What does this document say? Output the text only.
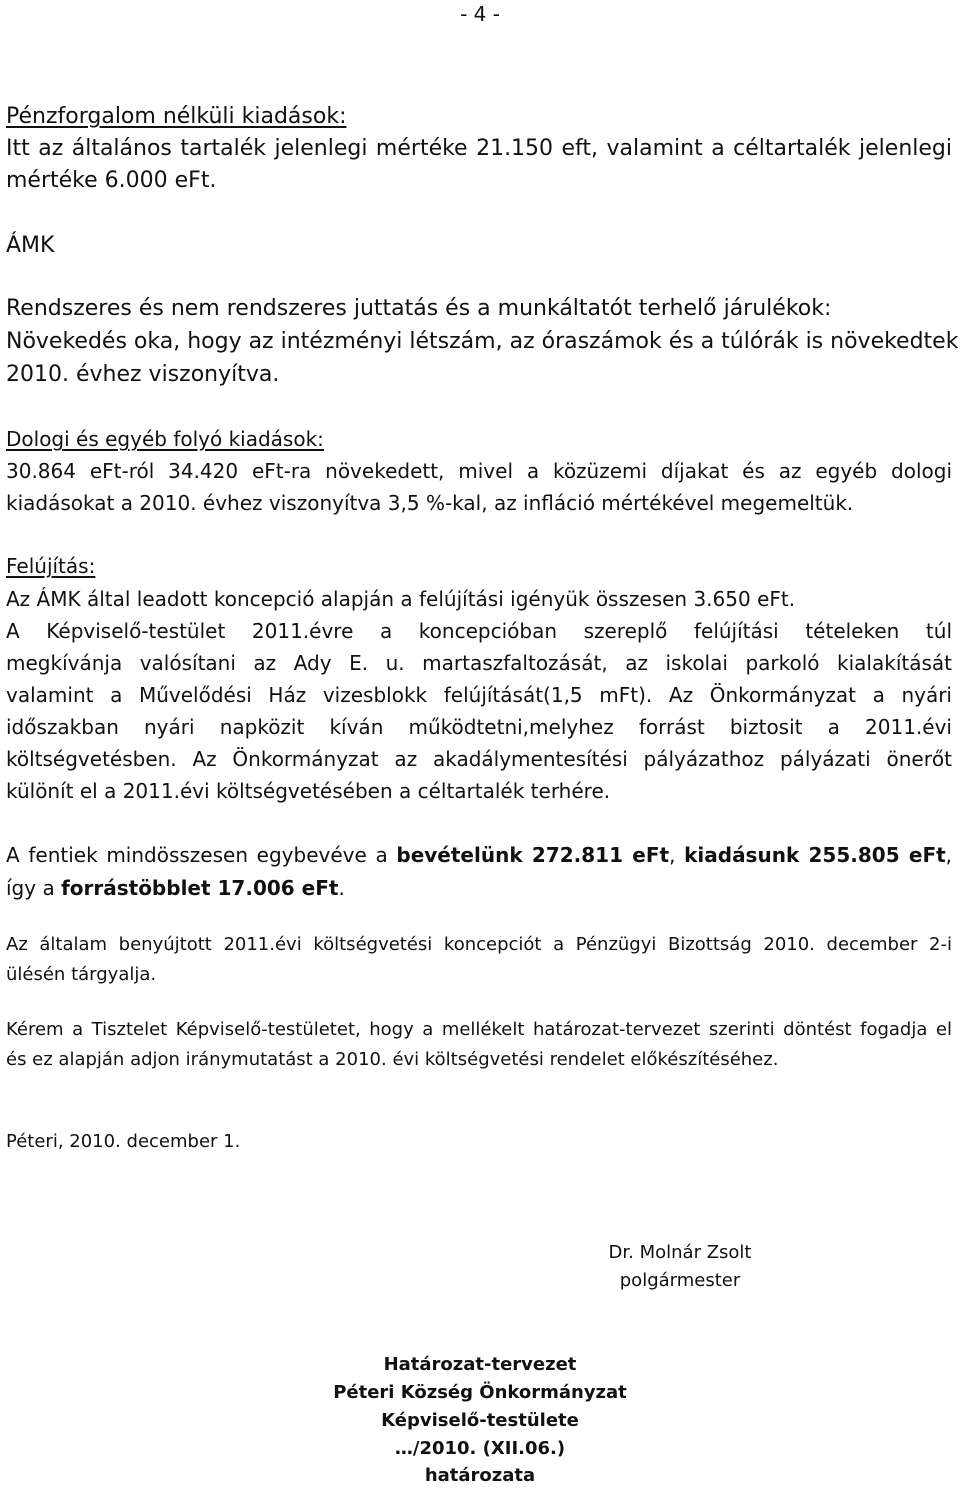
- 4 -
Pénzforgalom nélküli kiadások:
Itt az általános tartalék jelenlegi mértéke 21.150 eft, valamint a céltartalék jelenlegi
mértéke 6.000 eFt.
ÁMK
Rendszeres és nem rendszeres juttatás és a munkáltatót terhelő járulékok:
Növekedés oka, hogy az intézményi létszám, az óraszámok és a túlórák is növekedtek
2010. évhez viszonyítva.
Dologi és egyéb folyó kiadások:
30.864 eFt-ról 34.420 eFt-ra növekedett, mivel a közüzemi díjakat és az egyéb dologi
kiadásokat a 2010. évhez viszonyítva 3,5 %-kal, az infláció mértékével megemeltük.
Felújítás:
Az ÁMK által leadott koncepció alapján a felújítási igényük összesen 3.650 eFt.
A Képviselő-testület 2011.évre a koncepcióban szereplő felújítási tételeken túl
megkívánja valósítani az Ady E. u. martaszfaltozását, az iskolai parkoló kialakítását
valamint a Művelődési Ház vizesblokk felújítását(1,5 mFt). Az Önkormányzat a nyári
időszakban nyári napközit kíván működtetni,melyhez forrást biztosit a 2011.évi
költségvetésben. Az Önkormányzat az akadálymentesítési pályázathoz pályázati önerőt
különít el a 2011.évi költségvetésében a céltartalék terhére.
A fentiek mindösszesen egybevéve a bevételünk 272.811 eFt, kiadásunk 255.805 eFt,
így a forrástöbblet 17.006 eFt.
Az általam benyújtott 2011.évi költségvetési koncepciót a Pénzügyi Bizottság 2010. december 2-i
ülésén tárgyalja.
Kérem a Tisztelet Képviselő-testületet, hogy a mellékelt határozat-tervezet szerinti döntést fogadja el
és ez alapján adjon iránymutatást a 2010. évi költségvetési rendelet előkészítéséhez.
Péteri, 2010. december 1.
Dr. Molnár Zsolt
polgármester
Határozat-tervezet
Péteri Község Önkormányzat
Képviselő-testülete
…/2010. (XII.06.)
határozata
